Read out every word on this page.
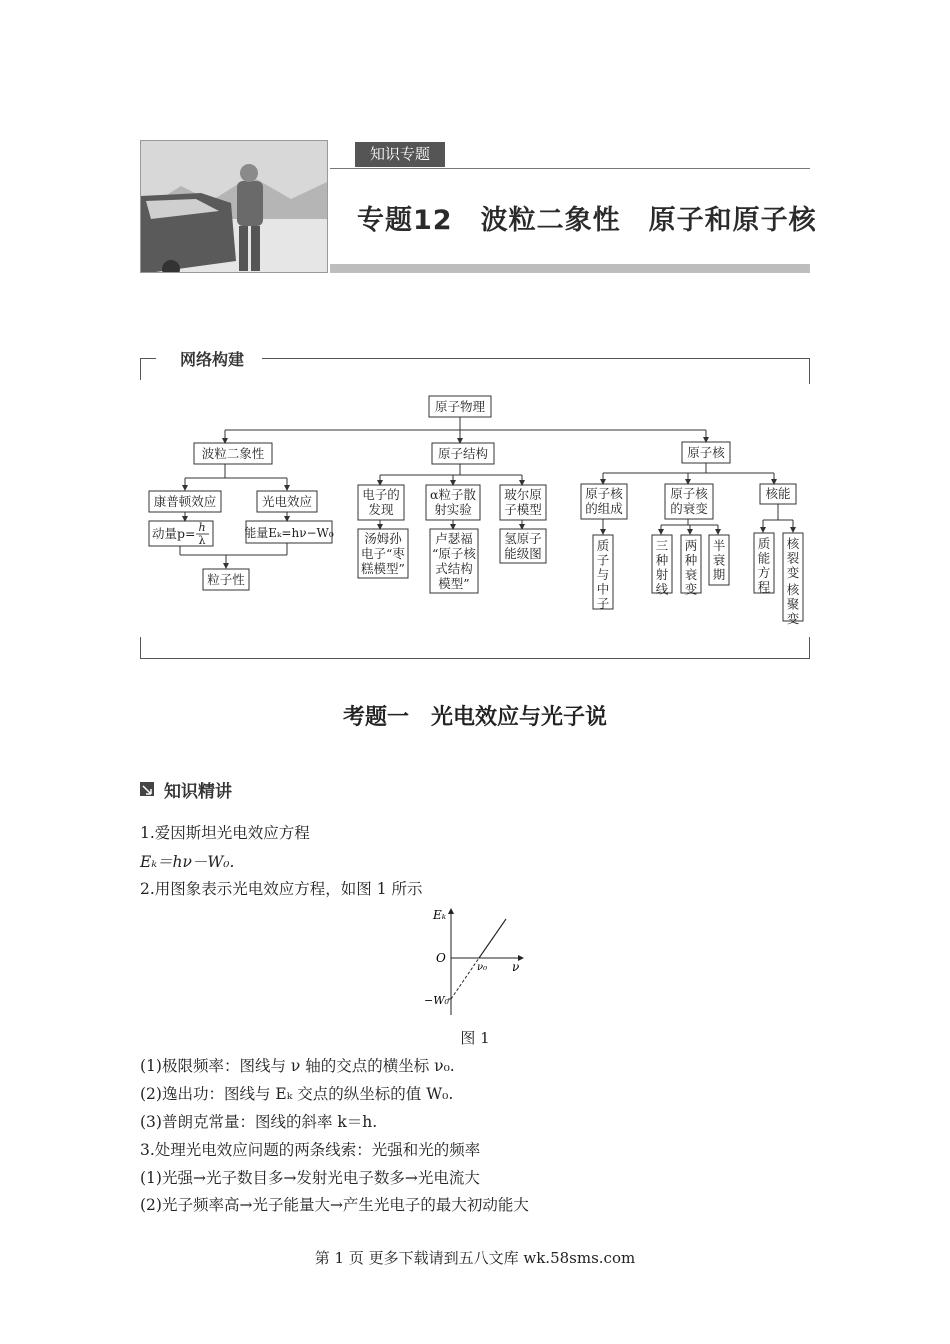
知识专题
专题12　波粒二象性　原子和原子核
网络构建
原子物理
波粒二象性	原子结构	原子核
康普顿效应	光电效应
动量p= h
λ
能量Eₖ=hν−W₀
粒子性
电子的
发现
α粒子散
射实验
玻尔原
子模型
汤姆孙
电子“枣
糕模型”
卢瑟福
“原子核
式结构
模型”
氢原子
能级图
原子核
的组成
原子核
的衰变
核能
质子与中子
三种射线
两种衰变
半衰期
质能方程
核裂变
核聚变
考题一　光电效应与光子说
知识精讲
1.爱因斯坦光电效应方程
Eₖ＝hν－W₀.
2.用图象表示光电效应方程，如图 1 所示
Eₖ
ν
O
ν₀
−W₀
图 1
(1)极限频率：图线与 ν 轴的交点的横坐标 ν₀.
(2)逸出功：图线与 Eₖ 交点的纵坐标的值 W₀.
(3)普朗克常量：图线的斜率 k＝h.
3.处理光电效应问题的两条线索：光强和光的频率
(1)光强→光子数目多→发射光电子数多→光电流大
(2)光子频率高→光子能量大→产生光电子的最大初动能大
第 1 页 更多下载请到五八文库 wk.58sms.com
